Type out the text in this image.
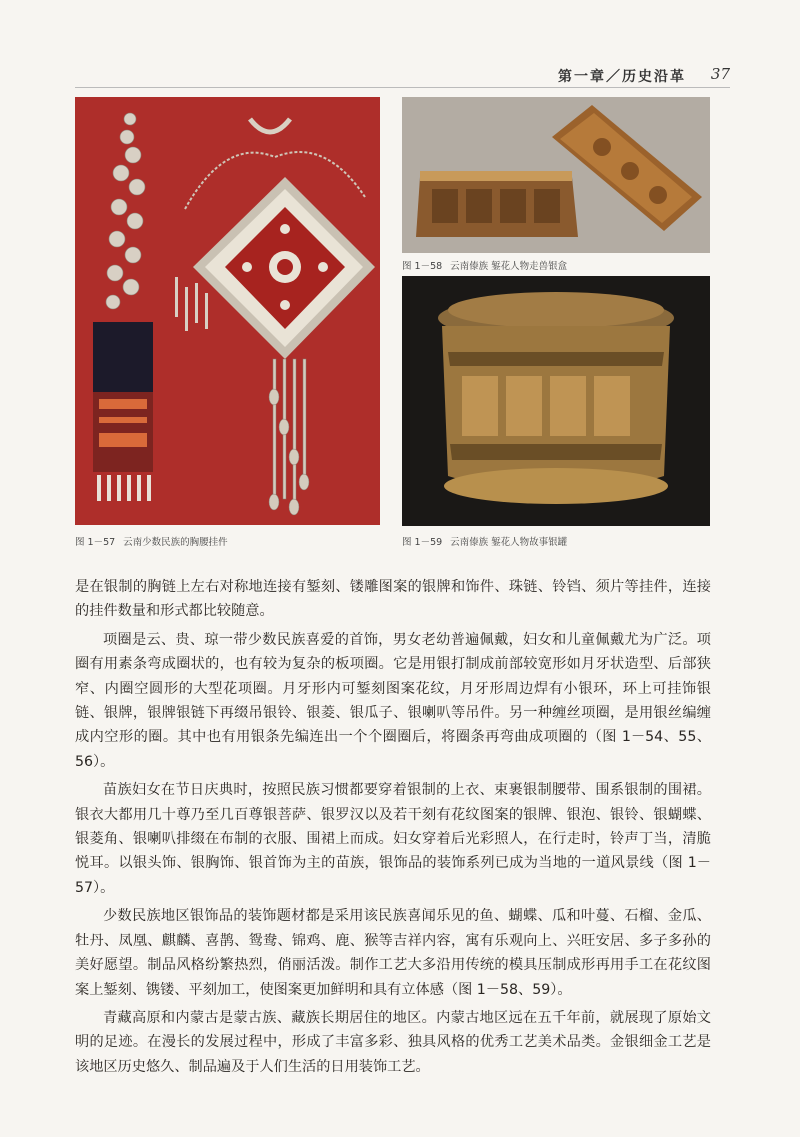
第一章／历史沿革 37
图 1－57 云南少数民族的胸腰挂件
图 1－58 云南傣族 錾花人物走兽银盒
图 1－59 云南傣族 錾花人物故事银罐

是在银制的胸链上左右对称地连接有錾刻、镂雕图案的银牌和饰件、珠链、铃铛、须片等挂件，连接的挂件数量和形式都比较随意。

项圈是云、贵、琼一带少数民族喜爱的首饰，男女老幼普遍佩戴，妇女和儿童佩戴尤为广泛。项圈有用素条弯成圈状的，也有较为复杂的板项圈。它是用银打制成前部较宽形如月牙状造型、后部狭窄、内圈空圆形的大型花项圈。月牙形内可錾刻图案花纹，月牙形周边焊有小银环，环上可挂饰银链、银牌，银牌银链下再缀吊银铃、银菱、银瓜子、银喇叭等吊件。另一种缠丝项圈，是用银丝编缠成内空形的圈。其中也有用银条先编连出一个个圈圈后，将圈条再弯曲成项圈的（图 1－54、55、56）。

苗族妇女在节日庆典时，按照民族习惯都要穿着银制的上衣、束裹银制腰带、围系银制的围裙。银衣大都用几十尊乃至几百尊银菩萨、银罗汉以及若干刻有花纹图案的银牌、银泡、银铃、银蝴蝶、银菱角、银喇叭排缀在布制的衣服、围裙上而成。妇女穿着后光彩照人，在行走时，铃声丁当，清脆悦耳。以银头饰、银胸饰、银首饰为主的苗族，银饰品的装饰系列已成为当地的一道风景线（图 1－57）。

少数民族地区银饰品的装饰题材都是采用该民族喜闻乐见的鱼、蝴蝶、瓜和叶蔓、石榴、金瓜、牡丹、凤凰、麒麟、喜鹊、鸳鸯、锦鸡、鹿、猴等吉祥内容，寓有乐观向上、兴旺安居、多子多孙的美好愿望。制品风格纷繁热烈，俏丽活泼。制作工艺大多沿用传统的模具压制成形再用手工在花纹图案上錾刻、镌镂、平刻加工，使图案更加鲜明和具有立体感（图 1－58、59）。

青藏高原和内蒙古是蒙古族、藏族长期居住的地区。内蒙古地区远在五千年前，就展现了原始文明的足迹。在漫长的发展过程中，形成了丰富多彩、独具风格的优秀工艺美术品类。金银细金工艺是该地区历史悠久、制品遍及于人们生活的日用装饰工艺。
